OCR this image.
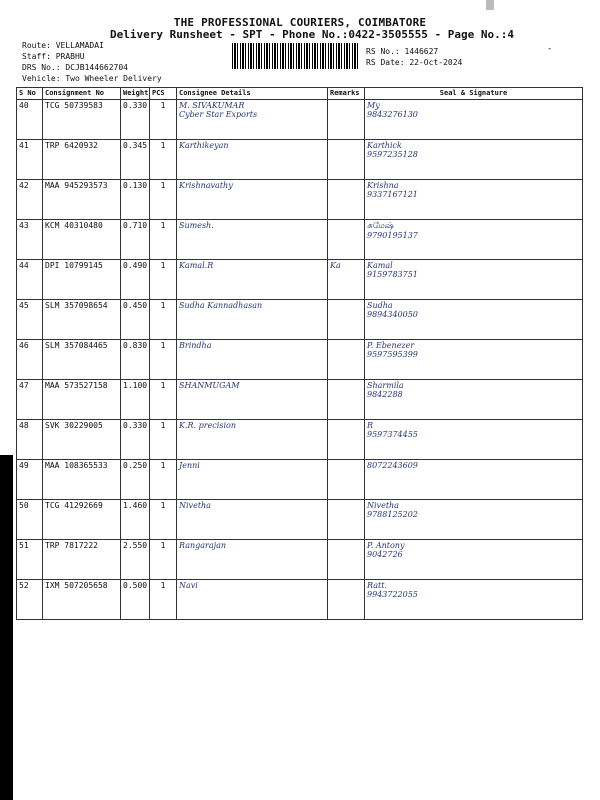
THE PROFESSIONAL COURIERS, COIMBATORE
Delivery Runsheet - SPT - Phone No.:0422-3505555 - Page No.:4
Route: VELLAMADAI
Staff: PRABHU
DRS No.: DCJB144662704
Vehicle: Two Wheeler Delivery
-
RS No.: 1446627
RS Date: 22-Oct-2024
S No	Consignment No	Weight	PCS	Consignee Details	Remarks	Seal & Signature
40	TCG 50739583	0.330	1	M. SIVAKUMAR
Cyber Star Exports		My
9843276130

41	TRP 6420932	0.345	1	Karthikeyan		Karthick
9597235128

42	MAA 945293573	0.130	1	Krishnavathy		Krishna
9337167121

43	KCM 40310480	0.710	1	Sumesh.		சுமேஷ்
9790195137

44	DPI 10799145	0.490	1	Kamal.R	Ka	Kamal
9159783751

45	SLM 357098654	0.450	1	Sudha Kannadhasan		Sudha
9894340050

46	SLM 357084465	0.830	1	Brindha		P. Ebenezer
9597595399

47	MAA 573527158	1.100	1	SHANMUGAM		Sharmila
9842288

48	SVK 30229005	0.330	1	K.R. precision		R
9597374455

49	MAA 108365533	0.250	1	Jenni		8072243609

50	TCG 41292669	1.460	1	Nivetha		Nivetha
9788125202

51	TRP 7817222	2.550	1	Rangarajan		P. Antony
9042726

52	IXM 507205658	0.500	1	Navi		Ratt.
9943722055
